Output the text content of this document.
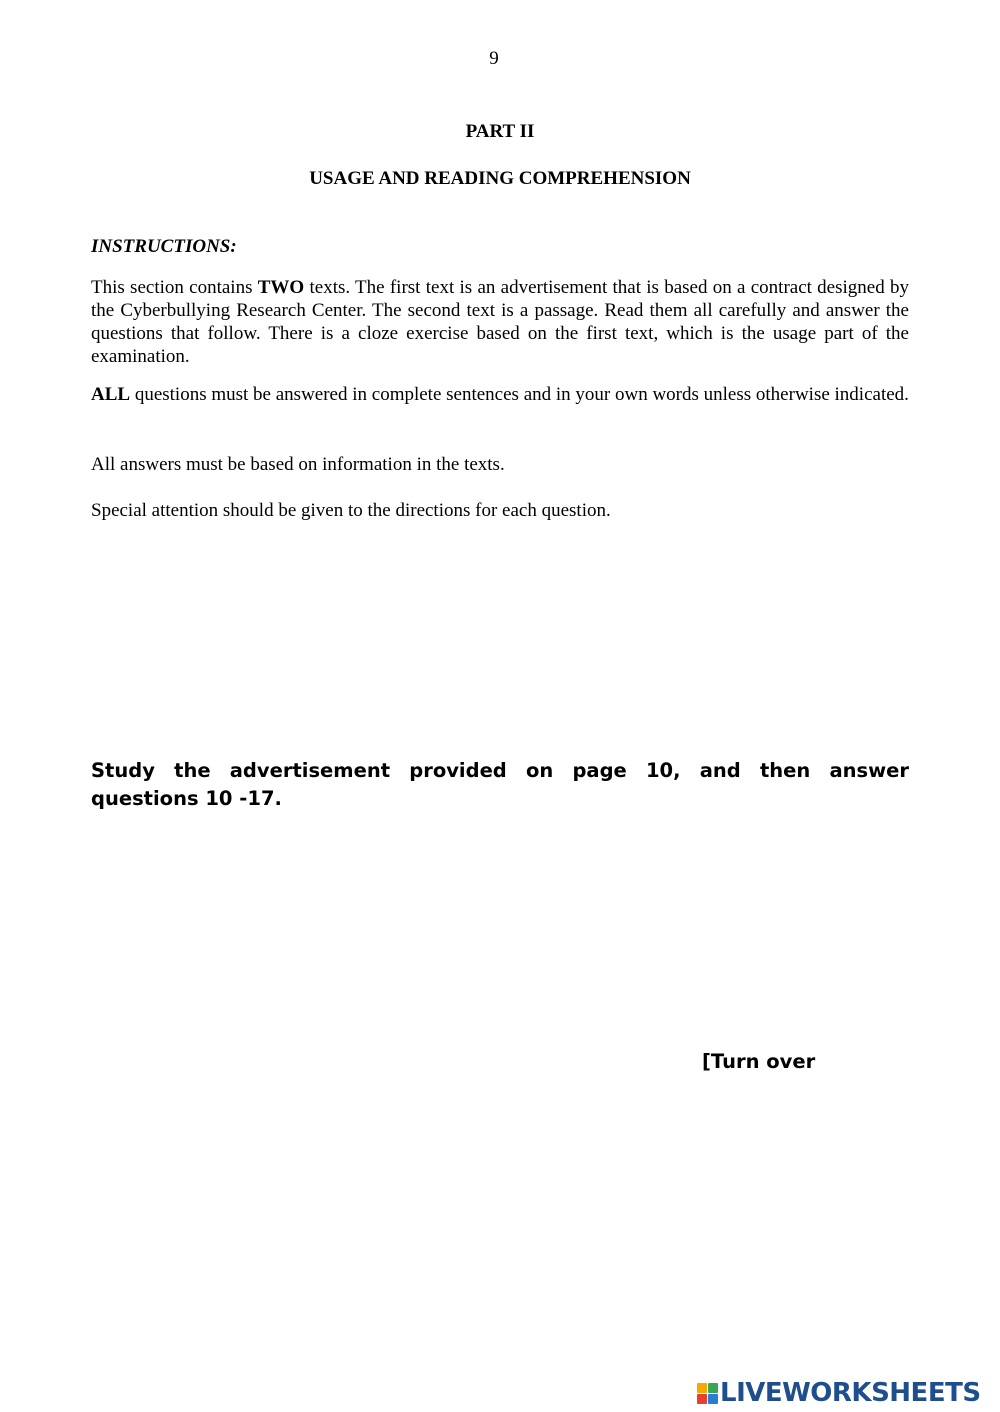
9
PART II
USAGE AND READING COMPREHENSION
INSTRUCTIONS:

This section contains TWO texts. The first text is an advertisement that is based on a contract designed by the Cyberbullying Research Center. The second text is a passage. Read them all carefully and answer the questions that follow. There is a cloze exercise based on the first text, which is the usage part of the examination.

ALL questions must be answered in complete sentences and in your own words unless otherwise indicated.

All answers must be based on information in the texts.

Special attention should be given to the directions for each question.

Study the advertisement provided on page 10, and then answer questions 10 -17.

[Turn over
LIVEWORKSHEETS
